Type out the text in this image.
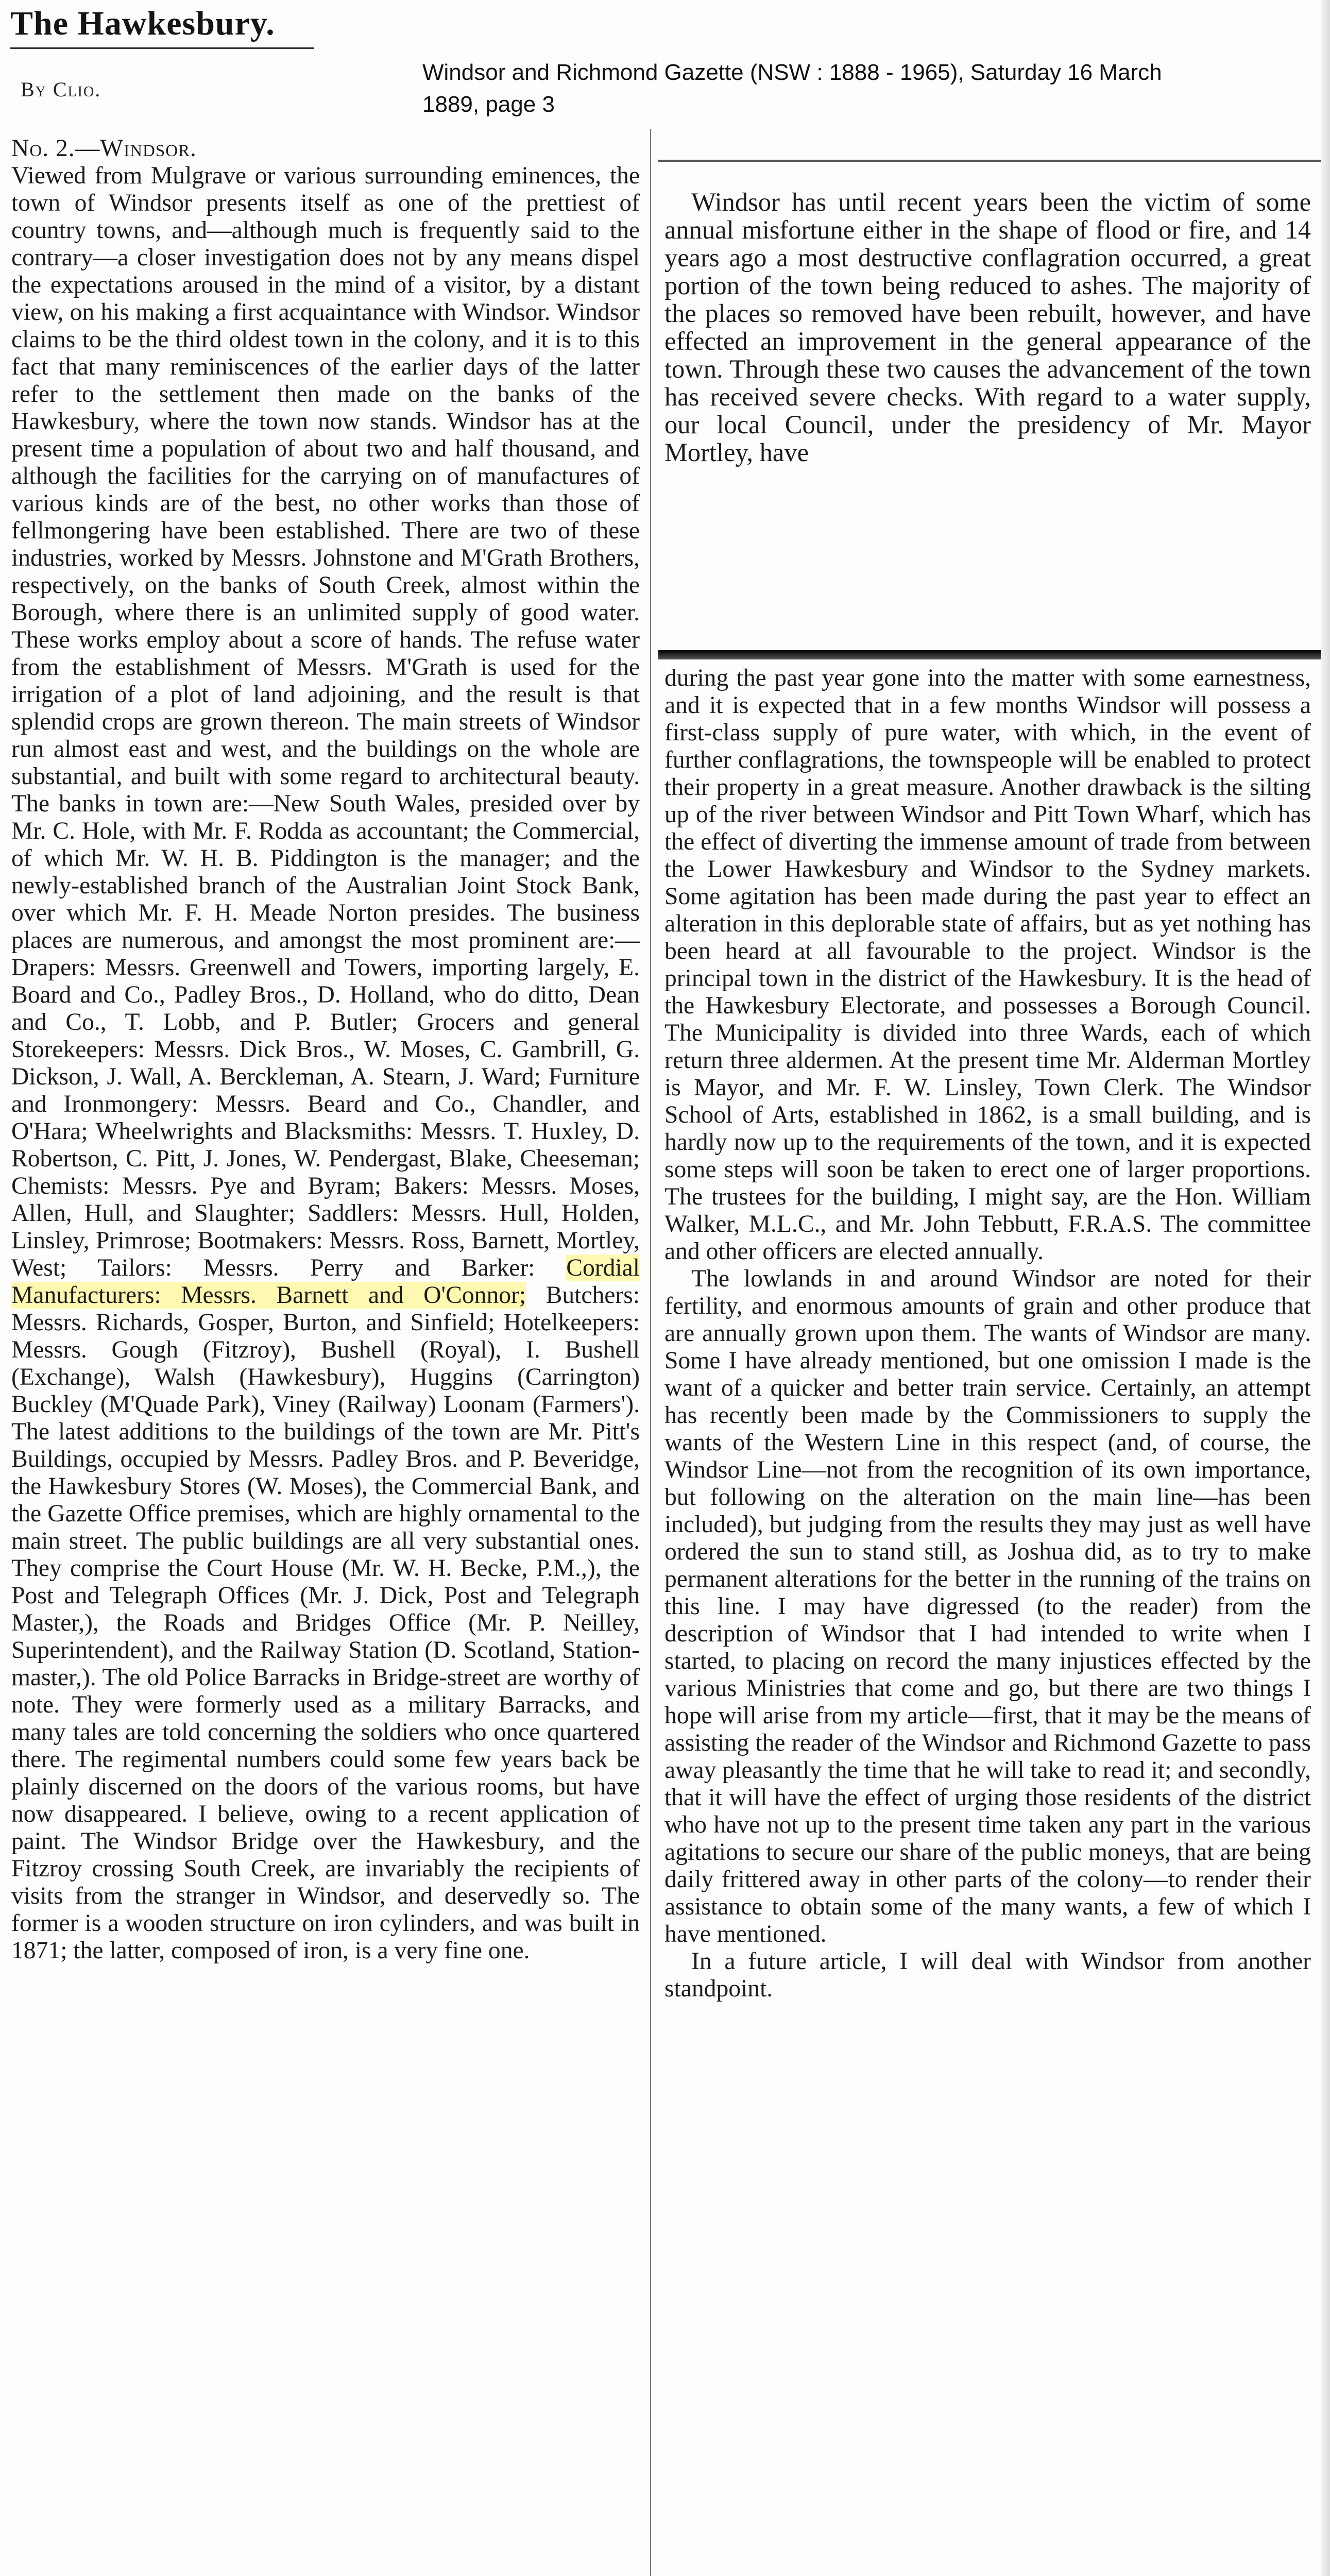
The Hawkesbury.
By Clio.
Windsor and Richmond Gazette (NSW : 1888 - 1965), Saturday 16 March 1889, page 3

No. 2.—Windsor.
Viewed from Mulgrave or various surrounding eminences, the town of Windsor presents itself as one of the prettiest of country towns, and—although much is frequently said to the contrary—a closer investigation does not by any means dispel the expectations aroused in the mind of a visitor, by a distant view, on his making a first acquaintance with Windsor. Windsor claims to be the third oldest town in the colony, and it is to this fact that many reminiscences of the earlier days of the latter refer to the settlement then made on the banks of the Hawkesbury, where the town now stands. Windsor has at the present time a population of about two and half thousand, and although the facilities for the carrying on of manufactures of various kinds are of the best, no other works than those of fellmongering have been established. There are two of these industries, worked by Messrs. Johnstone and M'Grath Brothers, respectively, on the banks of South Creek, almost within the Borough, where there is an unlimited supply of good water. These works employ about a score of hands. The refuse water from the establishment of Messrs. M'Grath is used for the irrigation of a plot of land adjoining, and the result is that splendid crops are grown thereon. The main streets of Windsor run almost east and west, and the buildings on the whole are substantial, and built with some regard to architectural beauty. The banks in town are:—New South Wales, presided over by Mr. C. Hole, with Mr. F. Rodda as accountant; the Commercial, of which Mr. W. H. B. Piddington is the manager; and the newly-established branch of the Australian Joint Stock Bank, over which Mr. F. H. Meade Norton presides. The business places are numerous, and amongst the most prominent are:—Drapers: Messrs. Greenwell and Towers, importing largely, E. Board and Co., Padley Bros., D. Holland, who do ditto, Dean and Co., T. Lobb, and P. Butler; Grocers and general Storekeepers: Messrs. Dick Bros., W. Moses, C. Gambrill, G. Dickson, J. Wall, A. Berckleman, A. Stearn, J. Ward; Furniture and Ironmongery: Messrs. Beard and Co., Chandler, and O'Hara; Wheelwrights and Blacksmiths: Messrs. T. Huxley, D. Robertson, C. Pitt, J. Jones, W. Pendergast, Blake, Cheeseman; Chemists: Messrs. Pye and Byram; Bakers: Messrs. Moses, Allen, Hull, and Slaughter; Saddlers: Messrs. Hull, Holden, Linsley, Primrose; Bootmakers: Messrs. Ross, Barnett, Mortley, West; Tailors: Messrs. Perry and Barker: Cordial Manufacturers: Messrs. Barnett and O'Connor; Butchers: Messrs. Richards, Gosper, Burton, and Sinfield; Hotelkeepers: Messrs. Gough (Fitzroy), Bushell (Royal), I. Bushell (Exchange), Walsh (Hawkesbury), Huggins (Carrington) Buckley (M'Quade Park), Viney (Railway) Loonam (Farmers'). The latest additions to the buildings of the town are Mr. Pitt's Buildings, occupied by Messrs. Padley Bros. and P. Beveridge, the Hawkesbury Stores (W. Moses), the Commercial Bank, and the Gazette Office premises, which are highly ornamental to the main street. The public buildings are all very substantial ones. They comprise the Court House (Mr. W. H. Becke, P.M.,), the Post and Telegraph Offices (Mr. J. Dick, Post and Telegraph Master,), the Roads and Bridges Office (Mr. P. Neilley, Superintendent), and the Railway Station (D. Scotland, Station-master,). The old Police Barracks in Bridge-street are worthy of note. They were formerly used as a military Barracks, and many tales are told concerning the soldiers who once quartered there. The regimental numbers could some few years back be plainly discerned on the doors of the various rooms, but have now disappeared. I believe, owing to a recent application of paint. The Windsor Bridge over the Hawkesbury, and the Fitzroy crossing South Creek, are invariably the recipients of visits from the stranger in Windsor, and deservedly so. The former is a wooden structure on iron cylinders, and was built in 1871; the latter, composed of iron, is a very fine one.

Windsor has until recent years been the victim of some annual misfortune either in the shape of flood or fire, and 14 years ago a most destructive conflagration occurred, a great portion of the town being reduced to ashes. The majority of the places so removed have been rebuilt, however, and have effected an improvement in the general appearance of the town. Through these two causes the advancement of the town has received severe checks. With regard to a water supply, our local Council, under the presidency of Mr. Mayor Mortley, have

during the past year gone into the matter with some earnestness, and it is expected that in a few months Windsor will possess a first-class supply of pure water, with which, in the event of further conflagrations, the townspeople will be enabled to protect their property in a great measure. Another drawback is the silting up of the river between Windsor and Pitt Town Wharf, which has the effect of diverting the immense amount of trade from between the Lower Hawkesbury and Windsor to the Sydney markets. Some agitation has been made during the past year to effect an alteration in this deplorable state of affairs, but as yet nothing has been heard at all favourable to the project. Windsor is the principal town in the district of the Hawkesbury. It is the head of the Hawkesbury Electorate, and possesses a Borough Council. The Municipality is divided into three Wards, each of which return three aldermen. At the present time Mr. Alderman Mortley is Mayor, and Mr. F. W. Linsley, Town Clerk. The Windsor School of Arts, established in 1862, is a small building, and is hardly now up to the requirements of the town, and it is expected some steps will soon be taken to erect one of larger proportions. The trustees for the building, I might say, are the Hon. William Walker, M.L.C., and Mr. John Tebbutt, F.R.A.S. The committee and other officers are elected annually.

The lowlands in and around Windsor are noted for their fertility, and enormous amounts of grain and other produce that are annually grown upon them. The wants of Windsor are many. Some I have already mentioned, but one omission I made is the want of a quicker and better train service. Certainly, an attempt has recently been made by the Commissioners to supply the wants of the Western Line in this respect (and, of course, the Windsor Line—not from the recognition of its own importance, but following on the alteration on the main line—has been included), but judging from the results they may just as well have ordered the sun to stand still, as Joshua did, as to try to make permanent alterations for the better in the running of the trains on this line. I may have digressed (to the reader) from the description of Windsor that I had intended to write when I started, to placing on record the many injustices effected by the various Ministries that come and go, but there are two things I hope will arise from my article—first, that it may be the means of assisting the reader of the Windsor and Richmond Gazette to pass away pleasantly the time that he will take to read it; and secondly, that it will have the effect of urging those residents of the district who have not up to the present time taken any part in the various agitations to secure our share of the public moneys, that are being daily frittered away in other parts of the colony—to render their assistance to obtain some of the many wants, a few of which I have mentioned.

In a future article, I will deal with Windsor from another standpoint.
